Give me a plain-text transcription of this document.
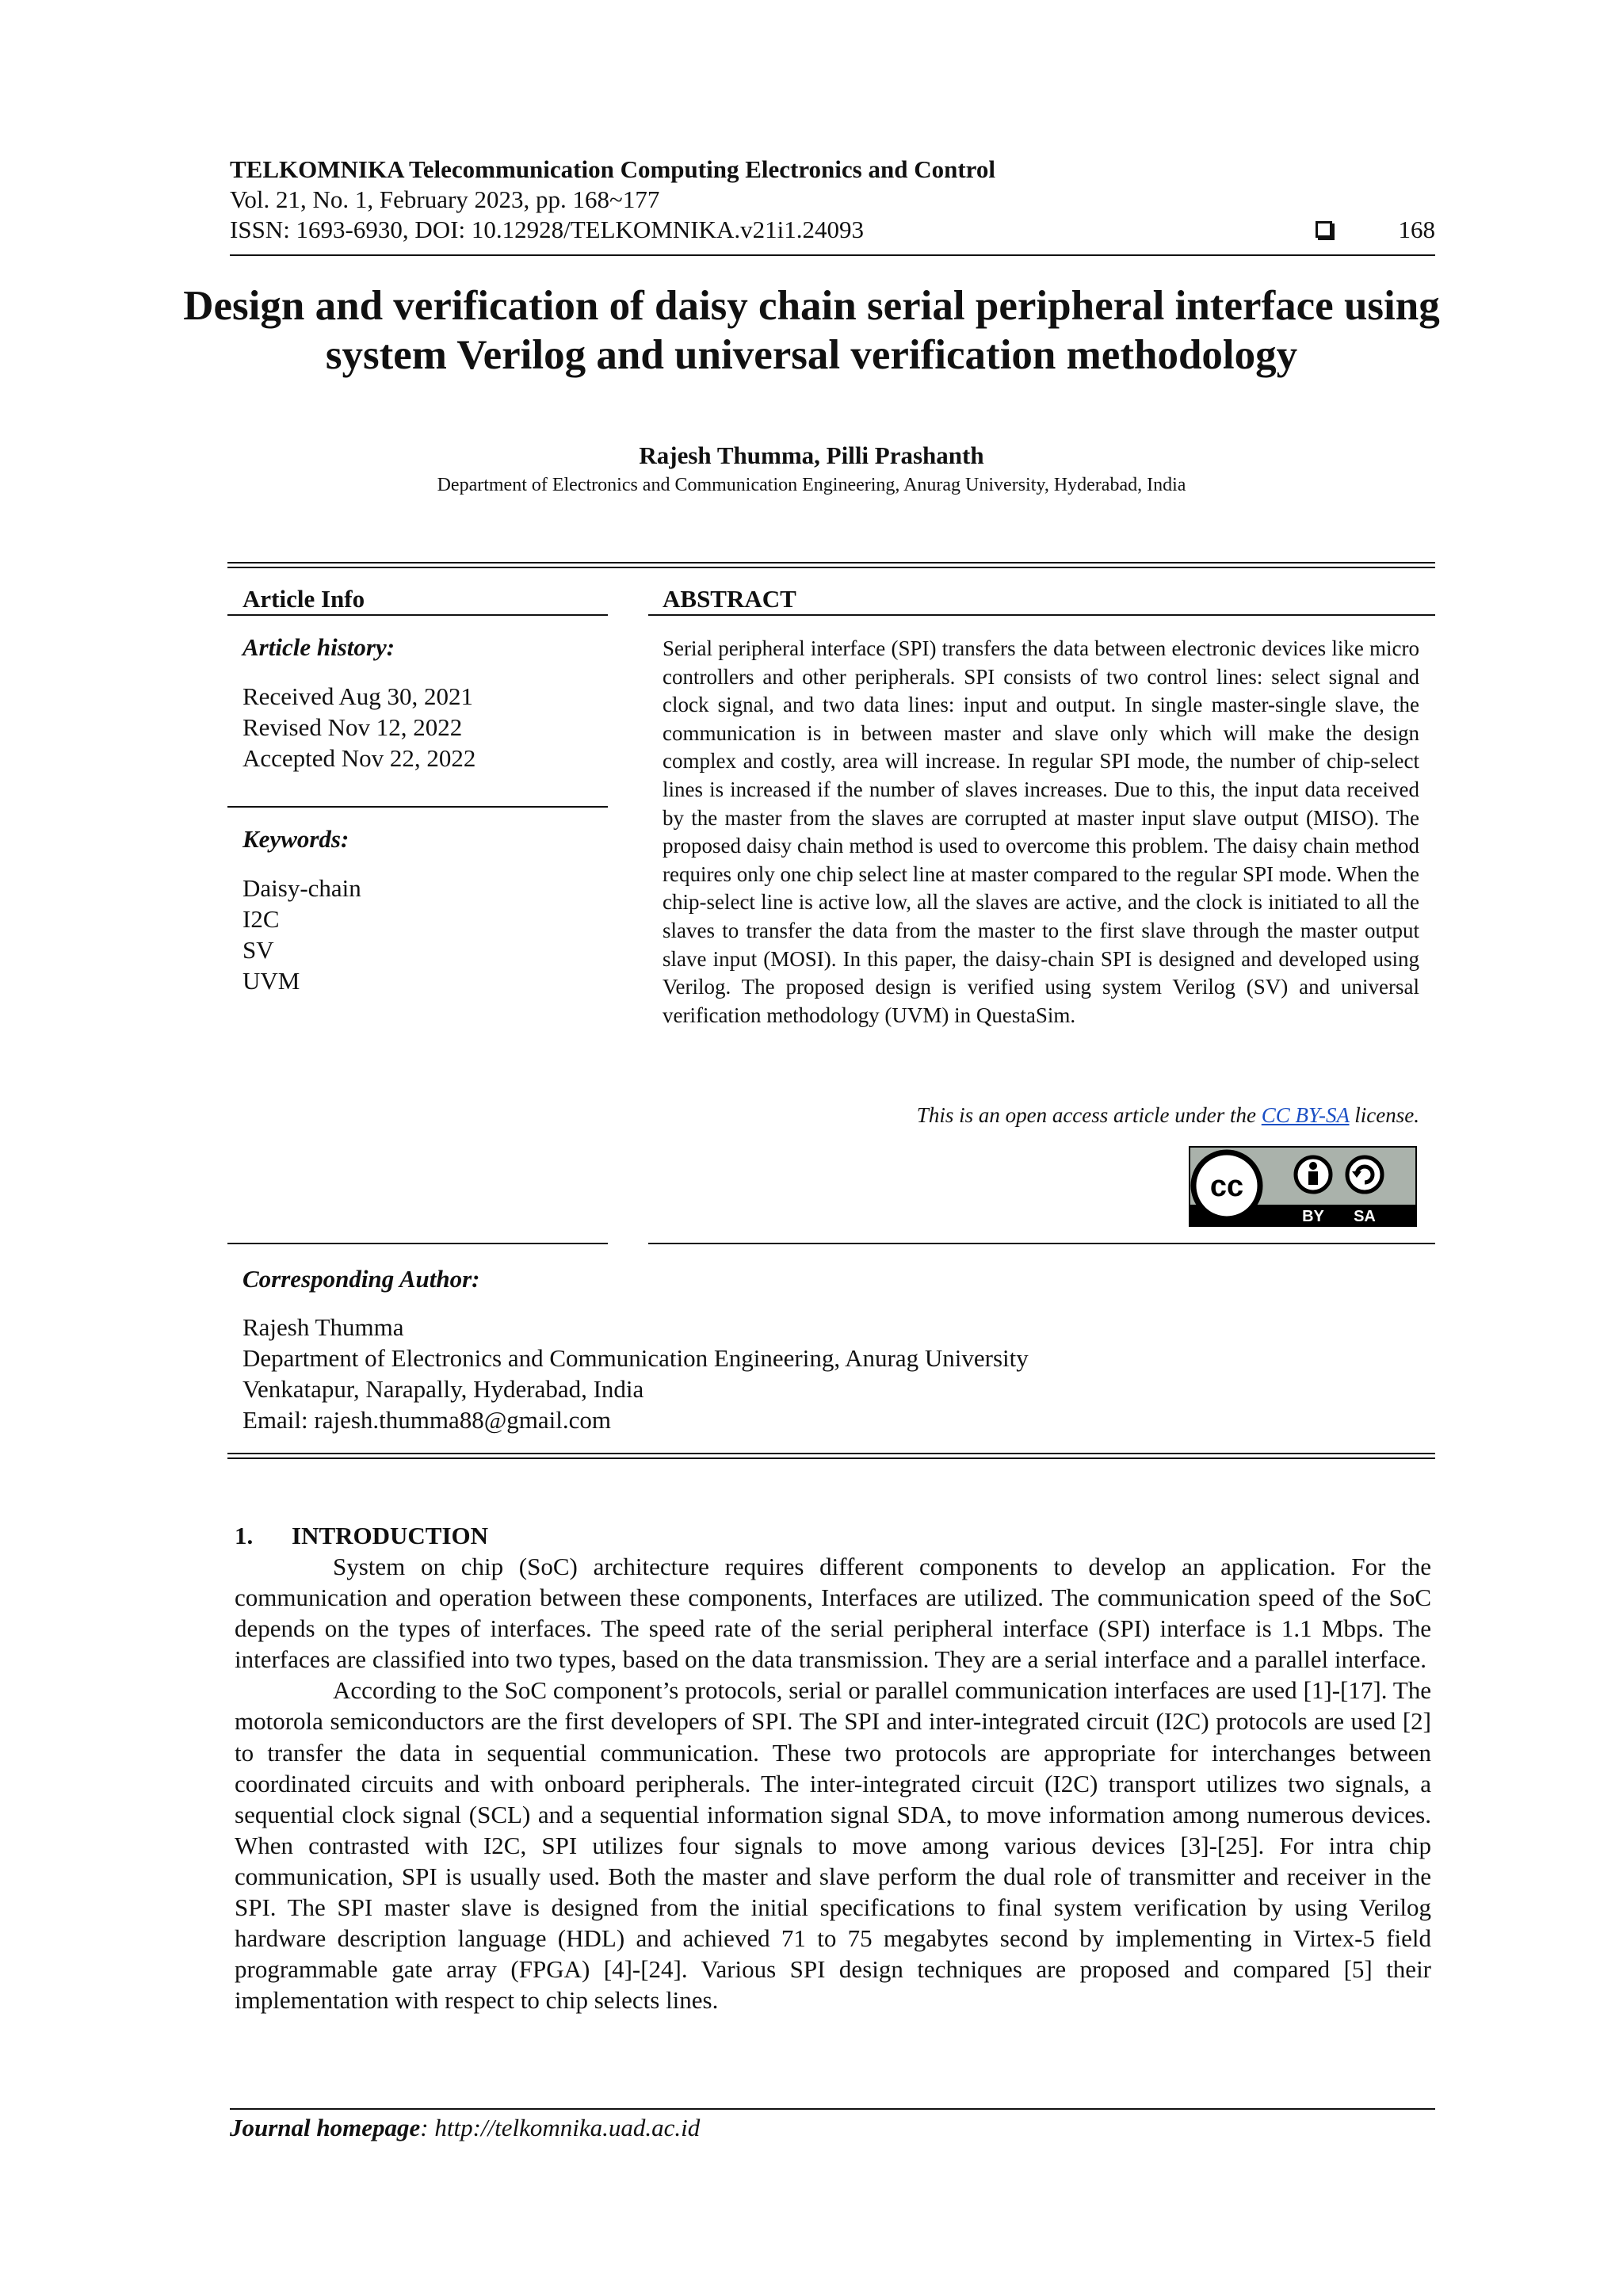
TELKOMNIKA Telecommunication Computing Electronics and Control
Vol. 21, No. 1, February 2023, pp. 168~177
ISSN: 1693-6930, DOI: 10.12928/TELKOMNIKA.v21i1.24093	168
Design and verification of daisy chain serial peripheral interface using system Verilog and universal verification methodology
Rajesh Thumma, Pilli Prashanth
Department of Electronics and Communication Engineering, Anurag University, Hyderabad, India
Article Info
Article history:
Received Aug 30, 2021
Revised Nov 12, 2022
Accepted Nov 22, 2022
Keywords:
Daisy-chain
I2C
SV
UVM
ABSTRACT
Serial peripheral interface (SPI) transfers the data between electronic devices like micro controllers and other peripherals. SPI consists of two control lines: select signal and clock signal, and two data lines: input and output. In single master-single slave, the communication is in between master and slave only which will make the design complex and costly, area will increase. In regular SPI mode, the number of chip-select lines is increased if the number of slaves increases. Due to this, the input data received by the master from the slaves are corrupted at master input slave output (MISO). The proposed daisy chain method is used to overcome this problem. The daisy chain method requires only one chip select line at master compared to the regular SPI mode. When the chip-select line is active low, all the slaves are active, and the clock is initiated to all the slaves to transfer the data from the master to the first slave through the master output slave input (MOSI). In this paper, the daisy-chain SPI is designed and developed using Verilog. The proposed design is verified using system Verilog (SV) and universal verification methodology (UVM) in QuestaSim.
This is an open access article under the CC BY-SA license.
cc
BY SA
Corresponding Author:
Rajesh Thumma
Department of Electronics and Communication Engineering, Anurag University
Venkatapur, Narapally, Hyderabad, India
Email: rajesh.thumma88@gmail.com
1. INTRODUCTION

System on chip (SoC) architecture requires different components to develop an application. For the communication and operation between these components, Interfaces are utilized. The communication speed of the SoC depends on the types of interfaces. The speed rate of the serial peripheral interface (SPI) interface is 1.1 Mbps. The interfaces are classified into two types, based on the data transmission. They are a serial interface and a parallel interface.

According to the SoC component’s protocols, serial or parallel communication interfaces are used [1]-[17]. The motorola semiconductors are the first developers of SPI. The SPI and inter-integrated circuit (I2C) protocols are used [2] to transfer the data in sequential communication. These two protocols are appropriate for interchanges between coordinated circuits and with onboard peripherals. The inter-integrated circuit (I2C) transport utilizes two signals, a sequential clock signal (SCL) and a sequential information signal SDA, to move information among numerous devices. When contrasted with I2C, SPI utilizes four signals to move among various devices [3]-[25]. For intra chip communication, SPI is usually used. Both the master and slave perform the dual role of transmitter and receiver in the SPI. The SPI master slave is designed from the initial specifications to final system verification by using Verilog hardware description language (HDL) and achieved 71 to 75 megabytes second by implementing in Virtex-5 field programmable gate array (FPGA) [4]-[24]. Various SPI design techniques are proposed and compared [5] their implementation with respect to chip selects lines.

Journal homepage: http://telkomnika.uad.ac.id
